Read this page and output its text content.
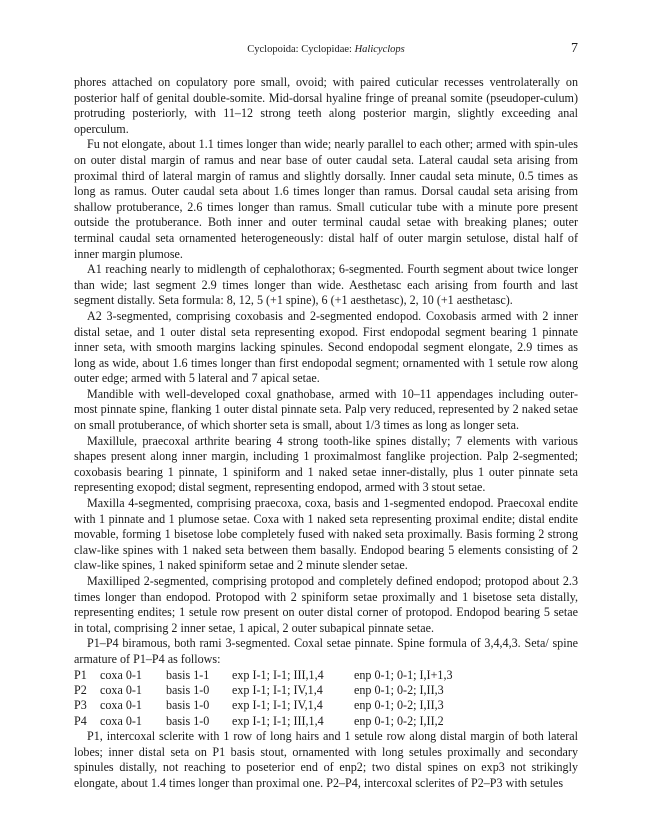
Cyclopoida: Cyclopidae: Halicyclops	7

phores attached on copulatory pore small, ovoid; with paired cuticular recesses ventrolaterally on posterior half of genital double-somite. Mid-dorsal hyaline fringe of preanal somite (pseudoper-culum) protruding posteriorly, with 11–12 strong teeth along posterior margin, slightly exceeding anal operculum.

Fu not elongate, about 1.1 times longer than wide; nearly parallel to each other; armed with spin-ules on outer distal margin of ramus and near base of outer caudal seta. Lateral caudal seta arising from proximal third of lateral margin of ramus and slightly dorsally. Inner caudal seta minute, 0.5 times as long as ramus. Outer caudal seta about 1.6 times longer than ramus. Dorsal caudal seta arising from shallow protuberance, 2.6 times longer than ramus. Small cuticular tube with a minute pore present outside the protuberance. Both inner and outer terminal caudal setae with breaking planes; outer terminal caudal seta ornamented heterogeneously: distal half of outer margin setulose, distal half of inner margin plumose.

A1 reaching nearly to midlength of cephalothorax; 6-segmented. Fourth segment about twice longer than wide; last segment 2.9 times longer than wide. Aesthetasc each arising from fourth and last segment distally. Seta formula: 8, 12, 5 (+1 spine), 6 (+1 aesthetasc), 2, 10 (+1 aesthetasc).

A2 3-segmented, comprising coxobasis and 2-segmented endopod. Coxobasis armed with 2 inner distal setae, and 1 outer distal seta representing exopod. First endopodal segment bearing 1 pinnate inner seta, with smooth margins lacking spinules. Second endopodal segment elongate, 2.9 times as long as wide, about 1.6 times longer than first endopodal segment; ornamented with 1 setule row along outer edge; armed with 5 lateral and 7 apical setae.

Mandible with well-developed coxal gnathobase, armed with 10–11 appendages including outer-most pinnate spine, flanking 1 outer distal pinnate seta. Palp very reduced, represented by 2 naked setae on small protuberance, of which shorter seta is small, about 1/3 times as long as longer seta.

Maxillule, praecoxal arthrite bearing 4 strong tooth-like spines distally; 7 elements with various shapes present along inner margin, including 1 proximalmost fanglike projection. Palp 2-segmented; coxobasis bearing 1 pinnate, 1 spiniform and 1 naked setae inner-distally, plus 1 outer pinnate seta representing exopod; distal segment, representing endopod, armed with 3 stout setae.

Maxilla 4-segmented, comprising praecoxa, coxa, basis and 1-segmented endopod. Praecoxal endite with 1 pinnate and 1 plumose setae. Coxa with 1 naked seta representing proximal endite; distal endite movable, forming 1 bisetose lobe completely fused with naked seta proximally. Basis forming 2 strong claw-like spines with 1 naked seta between them basally. Endopod bearing 5 elements consisting of 2 claw-like spines, 1 naked spiniform setae and 2 minute slender setae.

Maxilliped 2-segmented, comprising protopod and completely defined endopod; protopod about 2.3 times longer than endopod. Protopod with 2 spiniform setae proximally and 1 bisetose seta distally, representing endites; 1 setule row present on outer distal corner of protopod. Endopod bearing 5 setae in total, comprising 2 inner setae, 1 apical, 2 outer subapical pinnate setae.

P1–P4 biramous, both rami 3-segmented. Coxal setae pinnate. Spine formula of 3,4,4,3. Seta/ spine armature of P1–P4 as follows:

P1	coxa 0-1	basis 1-1	exp I-1; I-1; III,1,4	enp 0-1; 0-1; I,I+1,3
P2	coxa 0-1	basis 1-0	exp I-1; I-1; IV,1,4	enp 0-1; 0-2; I,II,3
P3	coxa 0-1	basis 1-0	exp I-1; I-1; IV,1,4	enp 0-1; 0-2; I,II,3
P4	coxa 0-1	basis 1-0	exp I-1; I-1; III,1,4	enp 0-1; 0-2; I,II,2

P1, intercoxal sclerite with 1 row of long hairs and 1 setule row along distal margin of both lateral lobes; inner distal seta on P1 basis stout, ornamented with long setules proximally and secondary spinules distally, not reaching to poseterior end of enp2; two distal spines on exp3 not strikingly elongate, about 1.4 times longer than proximal one. P2–P4, intercoxal sclerites of P2–P3 with setules
